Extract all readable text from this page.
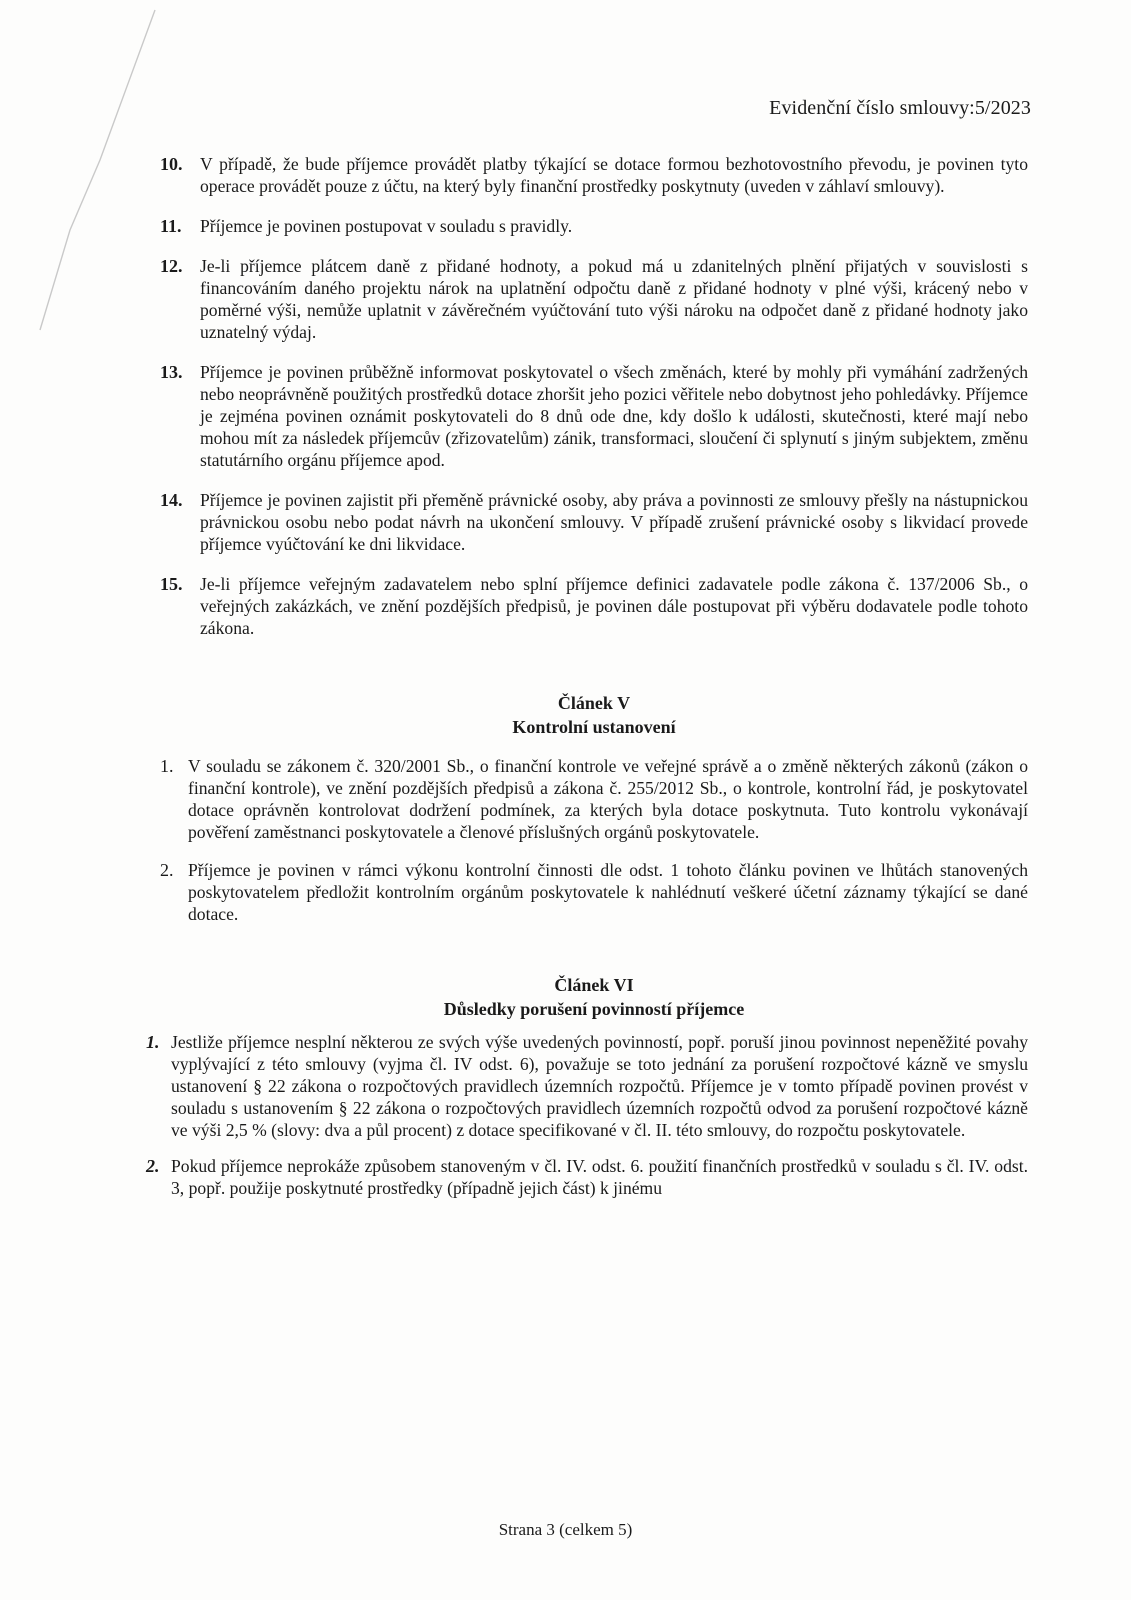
Evidenční číslo smlouvy:5/2023
10. V případě, že bude příjemce provádět platby týkající se dotace formou bezhotovostního převodu, je povinen tyto operace provádět pouze z účtu, na který byly finanční prostředky poskytnuty (uveden v záhlaví smlouvy).
11.	Příjemce je povinen postupovat v souladu s pravidly.
12. Je-li příjemce plátcem daně z přidané hodnoty, a pokud má u zdanitelných plnění přijatých v souvislosti s financováním daného projektu nárok na uplatnění odpočtu daně z přidané hodnoty v plné výši, krácený nebo v poměrné výši, nemůže uplatnit v závěrečném vyúčtování tuto výši nároku na odpočet daně z přidané hodnoty jako uznatelný výdaj.
13. Příjemce je povinen průběžně informovat poskytovatel o všech změnách, které by mohly při vymáhání zadržených nebo neoprávněně použitých prostředků dotace zhoršit jeho pozici věřitele nebo dobytnost jeho pohledávky. Příjemce je zejména povinen oznámit poskytovateli do 8 dnů ode dne, kdy došlo k události, skutečnosti, které mají nebo mohou mít za následek příjemcův (zřizovatelům) zánik, transformaci, sloučení či splynutí s jiným subjektem, změnu statutárního orgánu příjemce apod.
14. Příjemce je povinen zajistit při přeměně právnické osoby, aby práva a povinnosti ze smlouvy přešly na nástupnickou právnickou osobu nebo podat návrh na ukončení smlouvy. V případě zrušení právnické osoby s likvidací provede příjemce vyúčtování ke dni likvidace.
15. Je-li příjemce veřejným zadavatelem nebo splní příjemce definici zadavatele podle zákona č. 137/2006 Sb., o veřejných zakázkách, ve znění pozdějších předpisů, je povinen dále postupovat při výběru dodavatele podle tohoto zákona.
Článek V
Kontrolní ustanovení
1. V souladu se zákonem č. 320/2001 Sb., o finanční kontrole ve veřejné správě a o změně některých zákonů (zákon o finanční kontrole), ve znění pozdějších předpisů a zákona č. 255/2012 Sb., o kontrole, kontrolní řád, je poskytovatel dotace oprávněn kontrolovat dodržení podmínek, za kterých byla dotace poskytnuta. Tuto kontrolu vykonávají pověření zaměstnanci poskytovatele a členové příslušných orgánů poskytovatele.
2. Příjemce je povinen v rámci výkonu kontrolní činnosti dle odst. 1 tohoto článku povinen ve lhůtách stanovených poskytovatelem předložit kontrolním orgánům poskytovatele k nahlédnutí veškeré účetní záznamy týkající se dané dotace.
Článek VI
Důsledky porušení povinností příjemce
1. Jestliže příjemce nesplní některou ze svých výše uvedených povinností, popř. poruší jinou povinnost nepeněžité povahy vyplývající z této smlouvy (vyjma čl. IV odst. 6), považuje se toto jednání za porušení rozpočtové kázně ve smyslu ustanovení § 22 zákona o rozpočtových pravidlech územních rozpočtů. Příjemce je v tomto případě povinen provést v souladu s ustanovením § 22 zákona o rozpočtových pravidlech územních rozpočtů odvod za porušení rozpočtové kázně ve výši 2,5 % (slovy: dva a půl procent) z dotace specifikované v čl. II. této smlouvy, do rozpočtu poskytovatele.
2. Pokud příjemce neprokáže způsobem stanoveným v čl. IV. odst. 6. použití finančních prostředků v souladu s čl. IV. odst. 3, popř. použije poskytnuté prostředky (případně jejich část) k jinému
Strana 3 (celkem 5)
